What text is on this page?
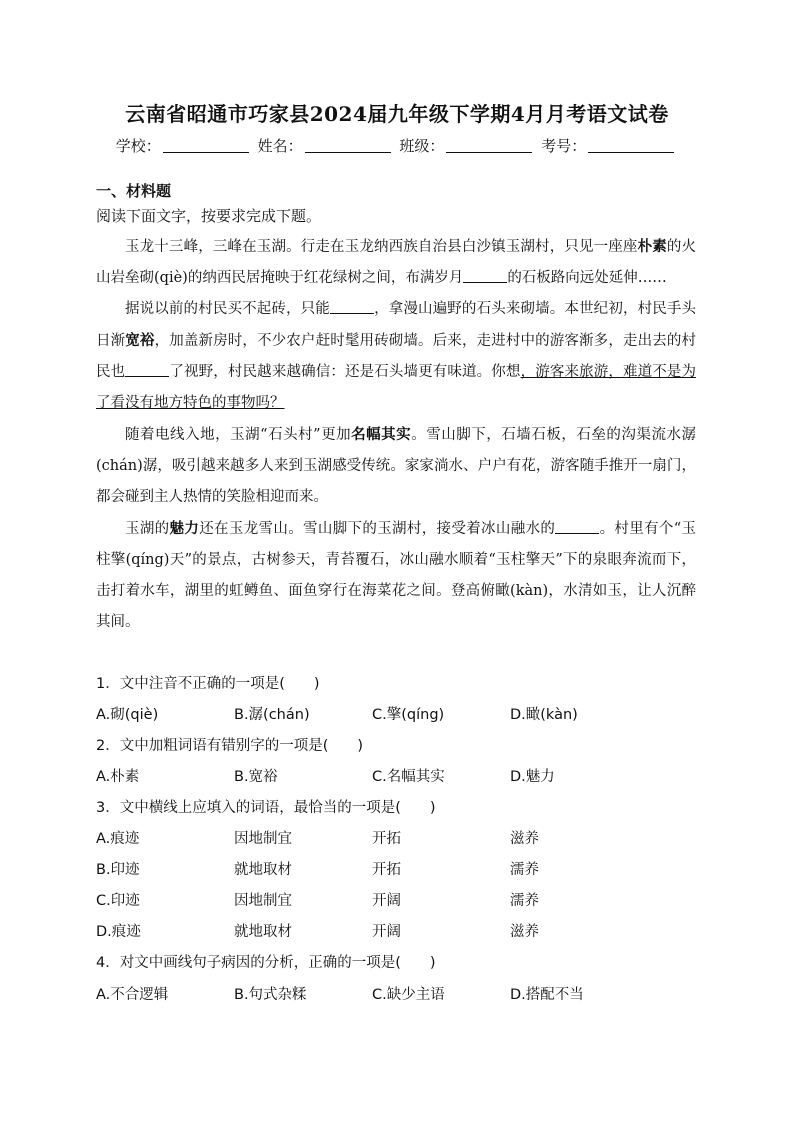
云南省昭通市巧家县2024届九年级下学期4月月考语文试卷
学校：	姓名：	班级：	考号：
一、材料题
阅读下面文字，按要求完成下题。

玉龙十三峰，三峰在玉湖。行走在玉龙纳西族自治县白沙镇玉湖村，只见一座座朴素的火山岩垒砌(qiè)的纳西民居掩映于红花绿树之间，布满岁月	的石板路向远处延伸……

据说以前的村民买不起砖，只能	，拿漫山遍野的石头来砌墙。本世纪初，村民手头日渐宽裕，加盖新房时，不少农户赶时髦用砖砌墙。后来，走进村中的游客渐多，走出去的村民也	了视野，村民越来越确信：还是石头墙更有味道。你想，游客来旅游，难道不是为了看没有地方特色的事物吗？

随着电线入地，玉湖“石头村”更加名幅其实。雪山脚下，石墙石板，石垒的沟渠流水潺(chán)潺，吸引越来越多人来到玉湖感受传统。家家淌水、户户有花，游客随手推开一扇门，都会碰到主人热情的笑脸相迎而来。

玉湖的魅力还在玉龙雪山。雪山脚下的玉湖村，接受着冰山融水的	。村里有个“玉柱擎(qíng)天”的景点，古树参天，青苔覆石，冰山融水顺着“玉柱擎天”下的泉眼奔流而下，击打着水车，湖里的虹鳟鱼、面鱼穿行在海菜花之间。登高俯瞰(kàn)，水清如玉，让人沉醉其间。

1．文中注音不正确的一项是(　　)
A.砌(qiè)	B.潺(chán)	C.擎(qíng)	D.瞰(kàn)
2．文中加粗词语有错别字的一项是(　　)
A.朴素	B.宽裕	C.名幅其实	D.魅力
3．文中横线上应填入的词语，最恰当的一项是(　　)
A.痕迹	因地制宜	开拓	滋养
B.印迹	就地取材	开拓	濡养
C.印迹	因地制宜	开阔	濡养
D.痕迹	就地取材	开阔	滋养
4．对文中画线句子病因的分析，正确的一项是(　　)
A.不合逻辑	B.句式杂糅	C.缺少主语	D.搭配不当
